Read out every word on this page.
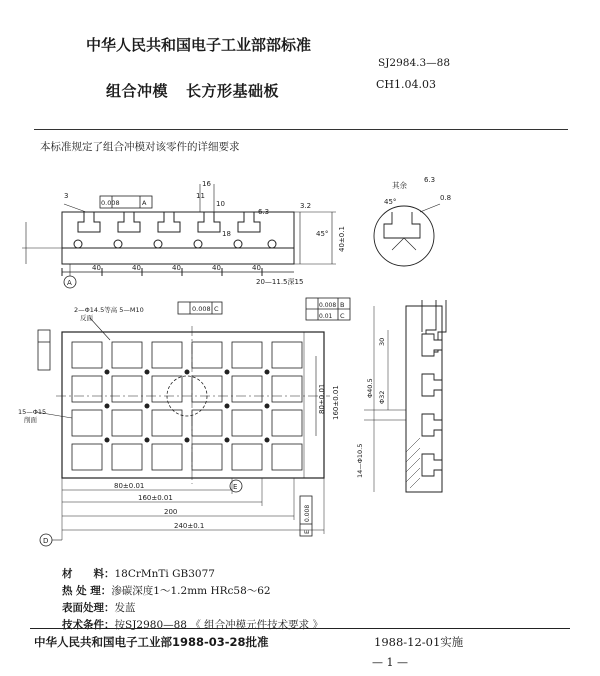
中华人民共和国电子工业部部标准
SJ2984.3—88
CH1.04.03
组合冲模 长方形基础板
本标准规定了组合冲模对该零件的详细要求
3
0.008	A
16
11
10
6.3
3.2
18	45° 40±0.1
40	40	40	40	40
20—11.5深15
A
其余
6.3
0.8
45°
2—Φ14.5等高 5—M10
反面
0.008 C	0.008 B
0.01 C
15—Φ15
削面
80±0.01
160±0.01
200
240±0.1
E
D
80±0.01 160±0.01
0.008
E
Φ40.5 Φ32
14—Φ10.5
30
材　　料：18CrMnTi GB3077
热 处 理：渗碳深度1～1.2mm HRc58～62
表面处理：发蓝
技术条件：按SJ2980—88 《 组合冲模元件技术要求 》
中华人民共和国电子工业部1988-03-28批准	1988-12-01实施
— 1 —
